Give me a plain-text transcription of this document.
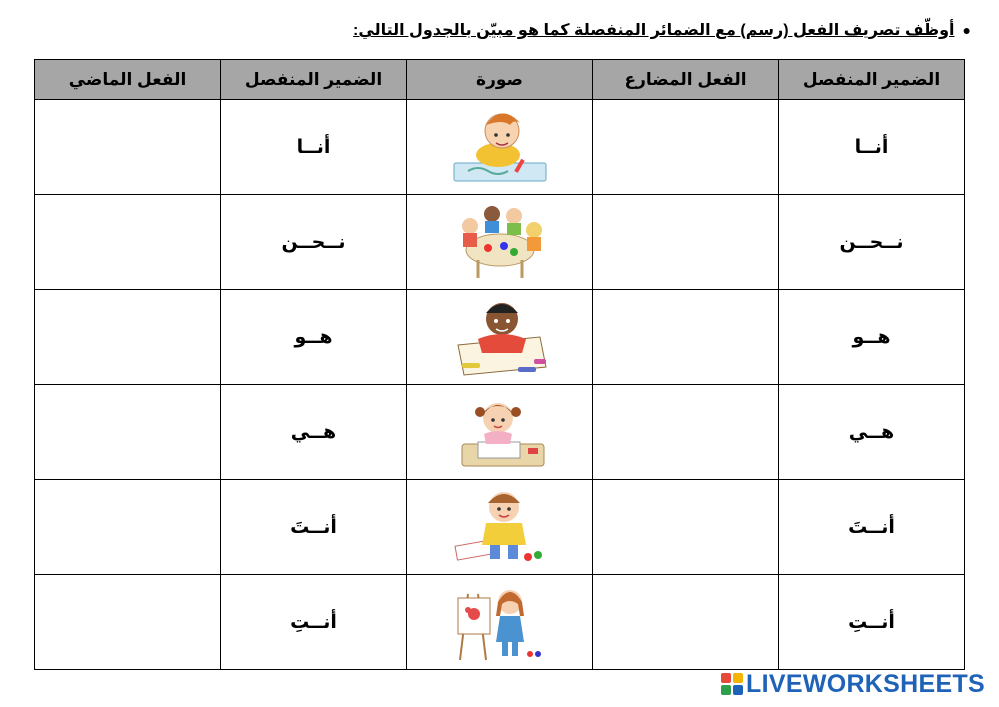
●أوظّف تصريف الفعل (رسم) مع الضمائر المنفصلة كما هو مبيّن بالجدول التالي:
الضمير المنفصل	الفعل المضارع	صورة	الضمير المنفصل	الفعل الماضي
أنــا			أنــا	
نــحــن			نــحــن	
هــو			هــو	
هــي			هــي	
أنــتَ			أنــتَ	
أنــتِ			أنــتِ	
LIVEWORKSHEETS
